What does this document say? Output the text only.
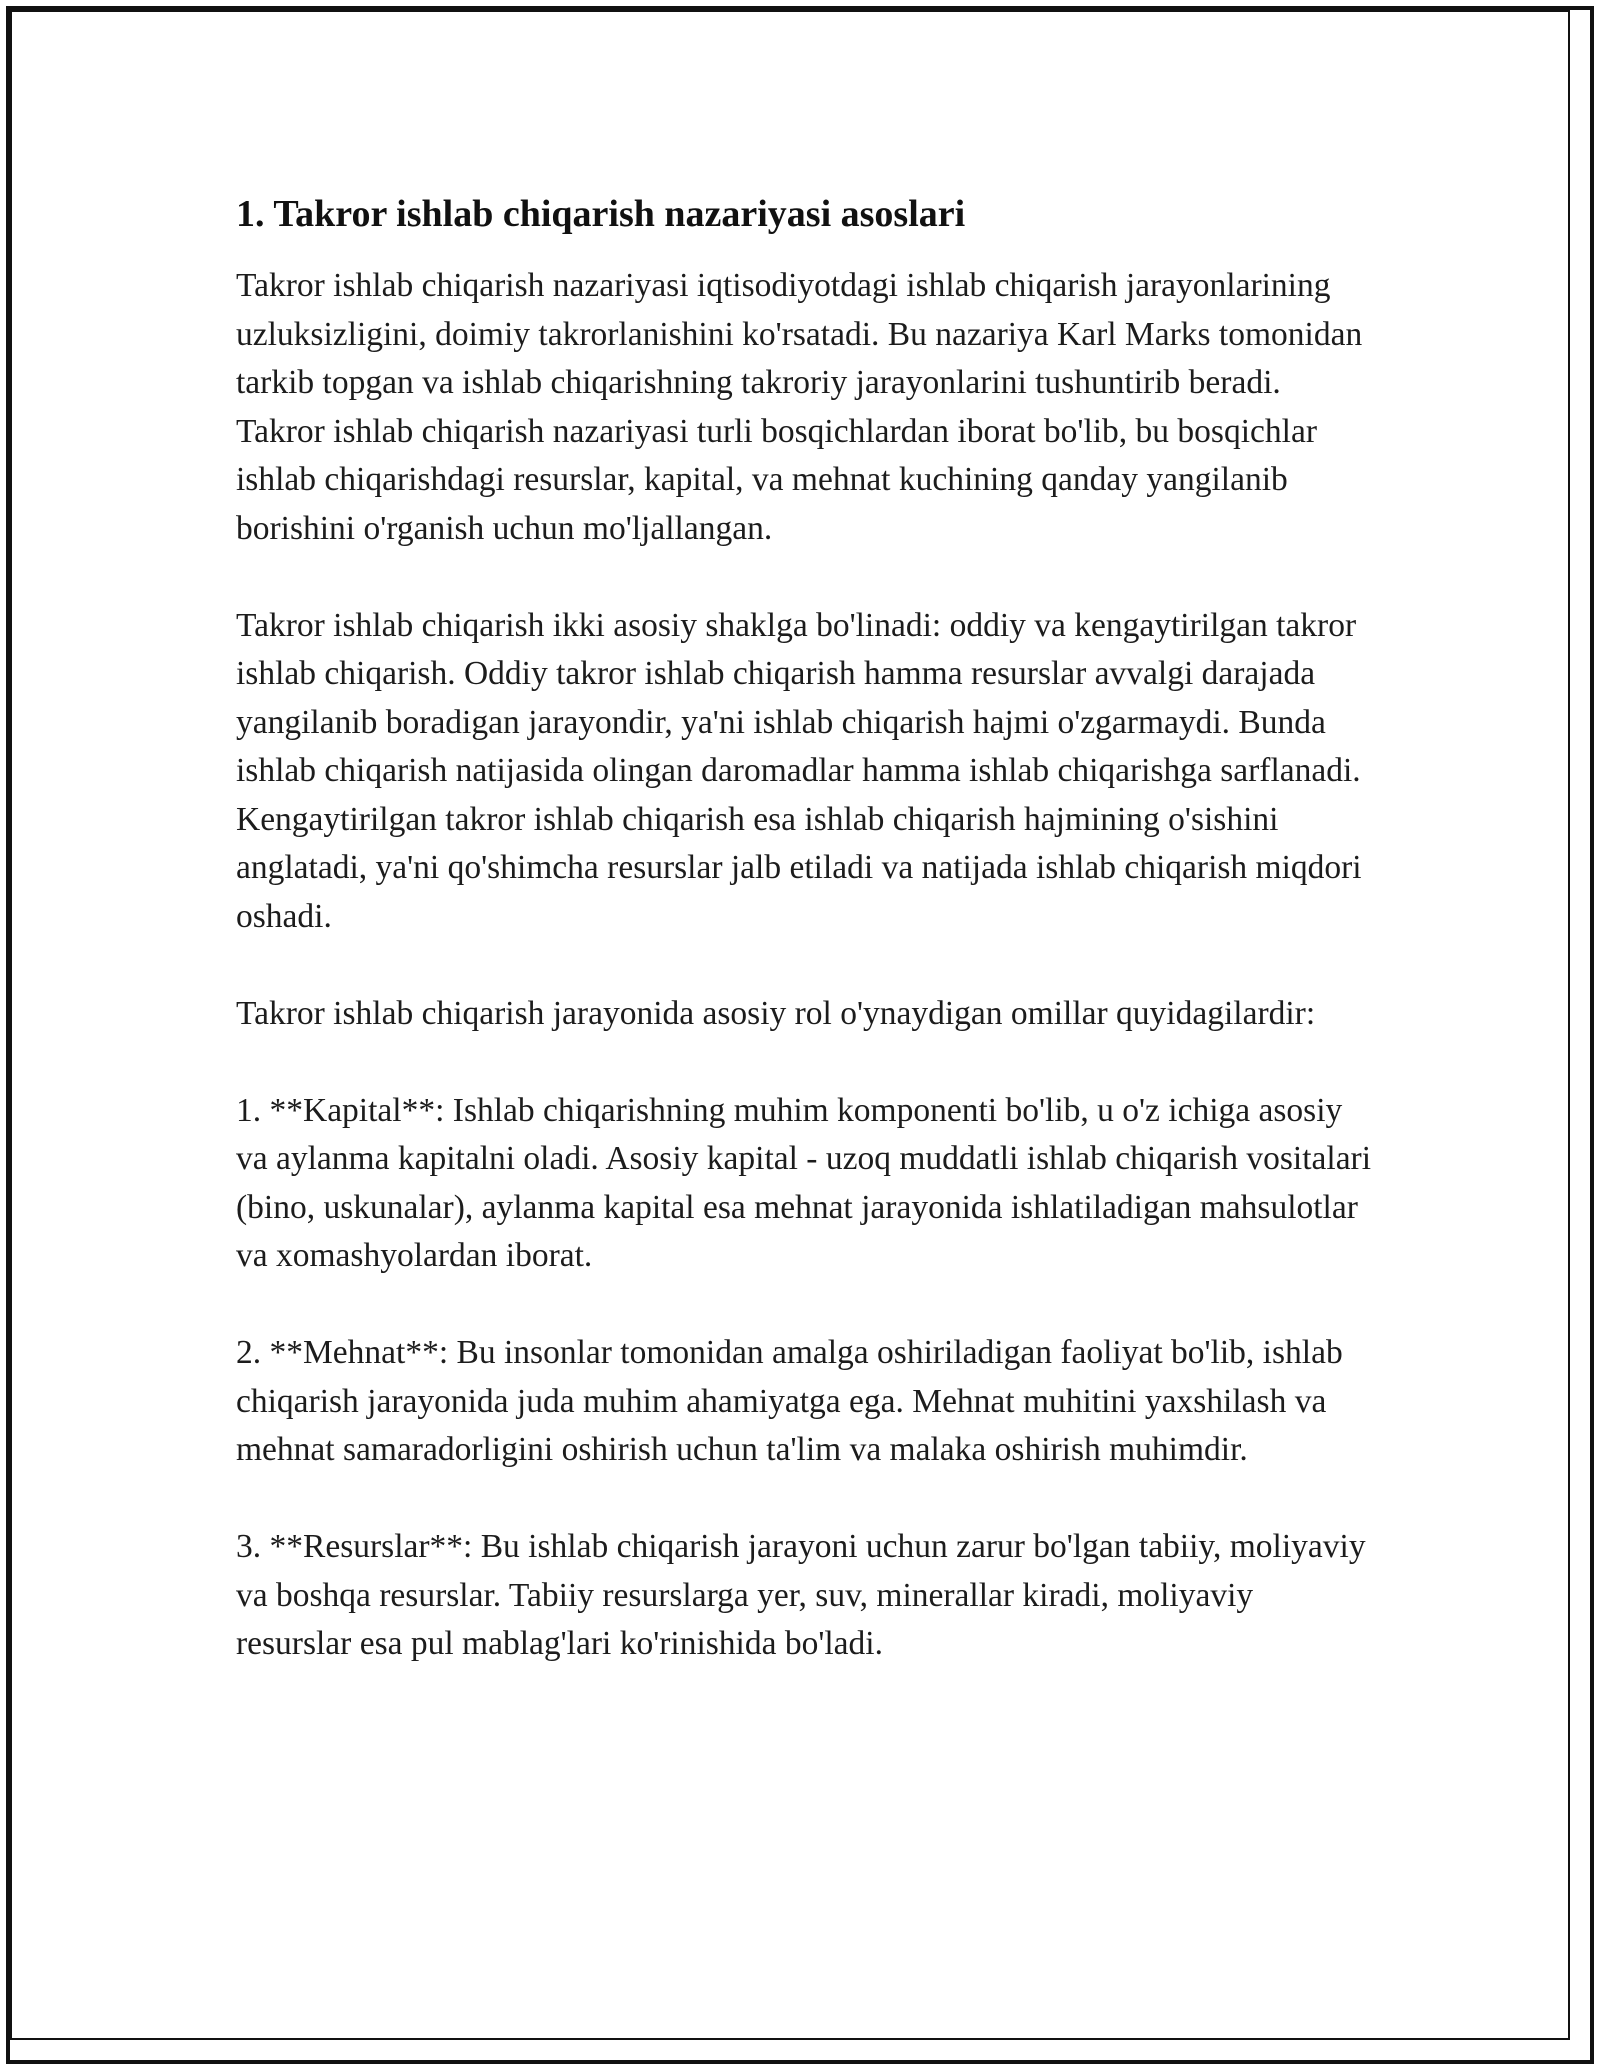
1. Takror ishlab chiqarish nazariyasi asoslari

Takror ishlab chiqarish nazariyasi iqtisodiyotdagi ishlab chiqarish jarayonlarining uzluksizligini, doimiy takrorlanishini ko'rsatadi. Bu nazariya Karl Marks tomonidan tarkib topgan va ishlab chiqarishning takroriy jarayonlarini tushuntirib beradi. Takror ishlab chiqarish nazariyasi turli bosqichlardan iborat bo'lib, bu bosqichlar ishlab chiqarishdagi resurslar, kapital, va mehnat kuchining qanday yangilanib borishini o'rganish uchun mo'ljallangan.

Takror ishlab chiqarish ikki asosiy shaklga bo'linadi: oddiy va kengaytirilgan takror ishlab chiqarish. Oddiy takror ishlab chiqarish hamma resurslar avvalgi darajada yangilanib boradigan jarayondir, ya'ni ishlab chiqarish hajmi o'zgarmaydi. Bunda ishlab chiqarish natijasida olingan daromadlar hamma ishlab chiqarishga sarflanadi. Kengaytirilgan takror ishlab chiqarish esa ishlab chiqarish hajmining o'sishini anglatadi, ya'ni qo'shimcha resurslar jalb etiladi va natijada ishlab chiqarish miqdori oshadi.

Takror ishlab chiqarish jarayonida asosiy rol o'ynaydigan omillar quyidagilardir:

1. **Kapital**: Ishlab chiqarishning muhim komponenti bo'lib, u o'z ichiga asosiy va aylanma kapitalni oladi. Asosiy kapital - uzoq muddatli ishlab chiqarish vositalari (bino, uskunalar), aylanma kapital esa mehnat jarayonida ishlatiladigan mahsulotlar va xomashyolardan iborat.

2. **Mehnat**: Bu insonlar tomonidan amalga oshiriladigan faoliyat bo'lib, ishlab chiqarish jarayonida juda muhim ahamiyatga ega. Mehnat muhitini yaxshilash va mehnat samaradorligini oshirish uchun ta'lim va malaka oshirish muhimdir.

3. **Resurslar**: Bu ishlab chiqarish jarayoni uchun zarur bo'lgan tabiiy, moliyaviy va boshqa resurslar. Tabiiy resurslarga yer, suv, minerallar kiradi, moliyaviy resurslar esa pul mablag'lari ko'rinishida bo'ladi.
